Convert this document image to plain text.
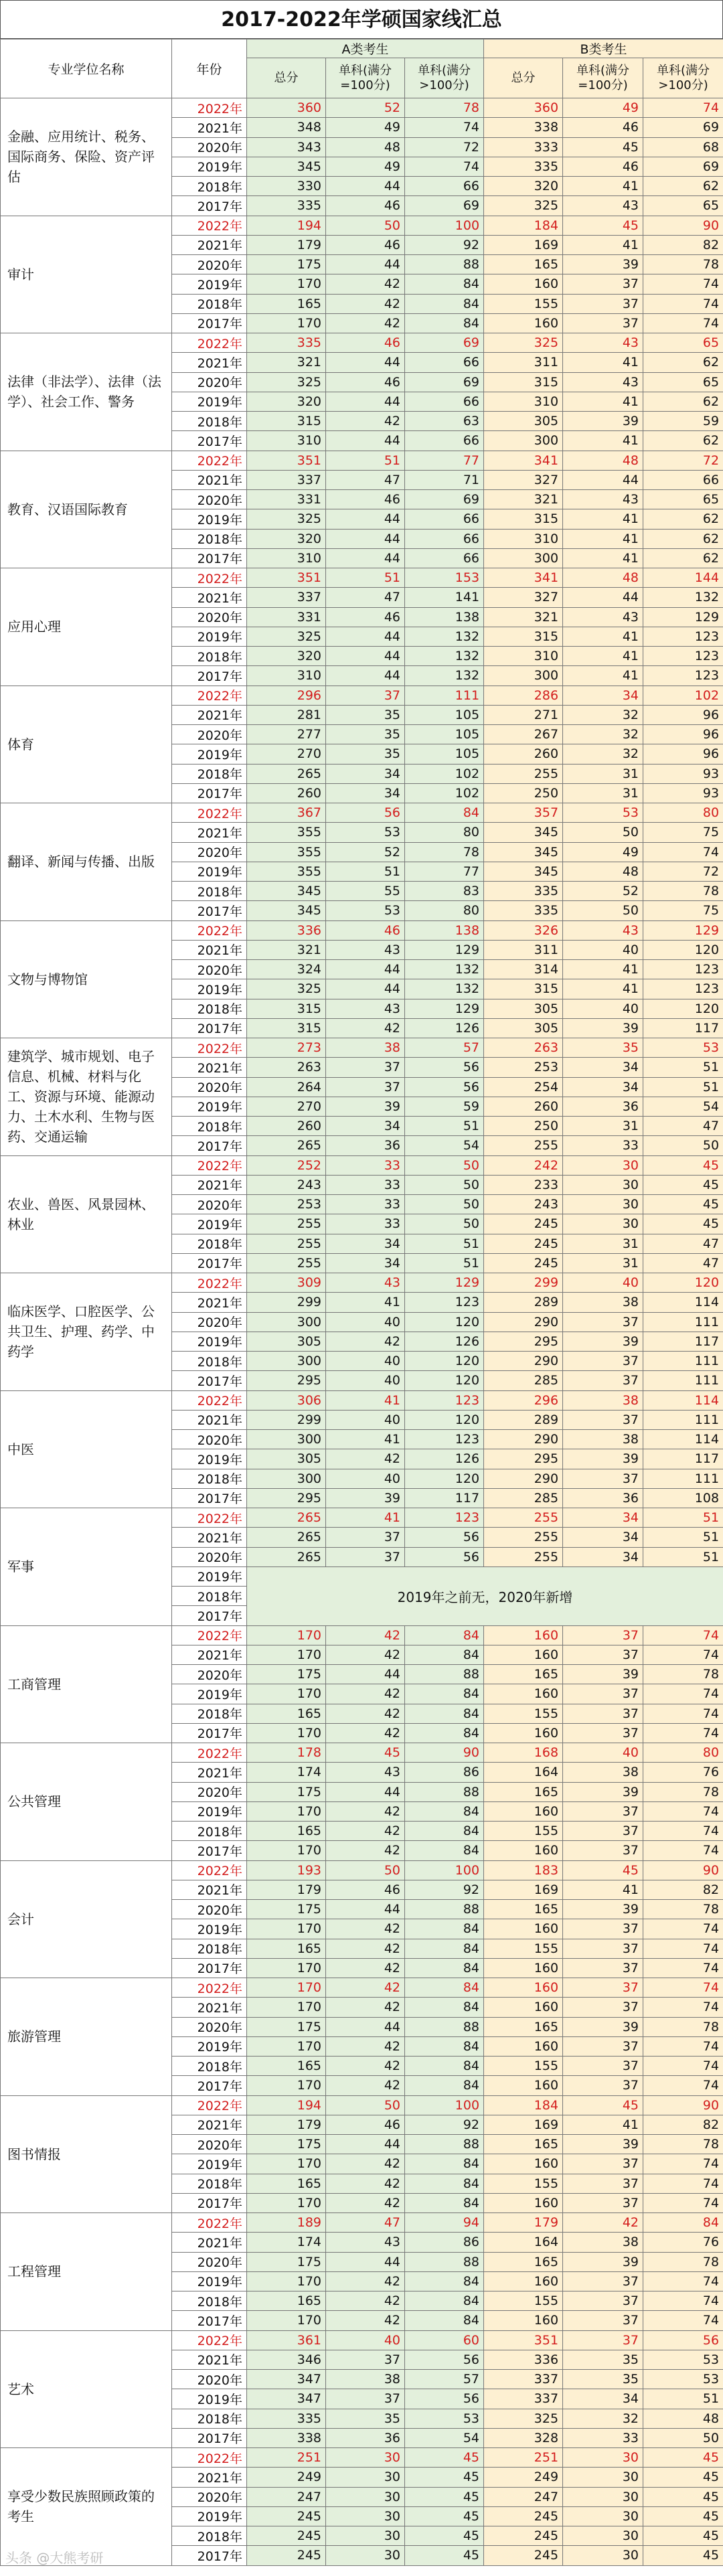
2017-2022年学硕国家线汇总
专业学位名称	年份	A类考生			B类考生		
		总分	单科(满分=100分)	单科(满分>100分)	总分	单科(满分=100分)	单科(满分>100分)
金融、应用统计、税务、国际商务、保险、资产评估	2022年	360	52	78	360	49	74
	2021年	348	49	74	338	46	69
	2020年	343	48	72	333	45	68
	2019年	345	49	74	335	46	69
	2018年	330	44	66	320	41	62
	2017年	335	46	69	325	43	65
审计	2022年	194	50	100	184	45	90
	2021年	179	46	92	169	41	82
	2020年	175	44	88	165	39	78
	2019年	170	42	84	160	37	74
	2018年	165	42	84	155	37	74
	2017年	170	42	84	160	37	74
法律（非法学）、法律（法学）、社会工作、警务	2022年	335	46	69	325	43	65
	2021年	321	44	66	311	41	62
	2020年	325	46	69	315	43	65
	2019年	320	44	66	310	41	62
	2018年	315	42	63	305	39	59
	2017年	310	44	66	300	41	62
教育、汉语国际教育	2022年	351	51	77	341	48	72
	2021年	337	47	71	327	44	66
	2020年	331	46	69	321	43	65
	2019年	325	44	66	315	41	62
	2018年	320	44	66	310	41	62
	2017年	310	44	66	300	41	62
应用心理	2022年	351	51	153	341	48	144
	2021年	337	47	141	327	44	132
	2020年	331	46	138	321	43	129
	2019年	325	44	132	315	41	123
	2018年	320	44	132	310	41	123
	2017年	310	44	132	300	41	123
体育	2022年	296	37	111	286	34	102
	2021年	281	35	105	271	32	96
	2020年	277	35	105	267	32	96
	2019年	270	35	105	260	32	96
	2018年	265	34	102	255	31	93
	2017年	260	34	102	250	31	93
翻译、新闻与传播、出版	2022年	367	56	84	357	53	80
	2021年	355	53	80	345	50	75
	2020年	355	52	78	345	49	74
	2019年	355	51	77	345	48	72
	2018年	345	55	83	335	52	78
	2017年	345	53	80	335	50	75
文物与博物馆	2022年	336	46	138	326	43	129
	2021年	321	43	129	311	40	120
	2020年	324	44	132	314	41	123
	2019年	325	44	132	315	41	123
	2018年	315	43	129	305	40	120
	2017年	315	42	126	305	39	117
建筑学、城市规划、电子信息、机械、材料与化工、资源与环境、能源动力、土木水利、生物与医药、交通运输	2022年	273	38	57	263	35	53
	2021年	263	37	56	253	34	51
	2020年	264	37	56	254	34	51
	2019年	270	39	59	260	36	54
	2018年	260	34	51	250	31	47
	2017年	265	36	54	255	33	50
农业、兽医、风景园林、林业	2022年	252	33	50	242	30	45
	2021年	243	33	50	233	30	45
	2020年	253	33	50	243	30	45
	2019年	255	33	50	245	30	45
	2018年	255	34	51	245	31	47
	2017年	255	34	51	245	31	47
临床医学、口腔医学、公共卫生、护理、药学、中药学	2022年	309	43	129	299	40	120
	2021年	299	41	123	289	38	114
	2020年	300	40	120	290	37	111
	2019年	305	42	126	295	39	117
	2018年	300	40	120	290	37	111
	2017年	295	40	120	285	37	111
中医	2022年	306	41	123	296	38	114
	2021年	299	40	120	289	37	111
	2020年	300	41	123	290	38	114
	2019年	305	42	126	295	39	117
	2018年	300	40	120	290	37	111
	2017年	295	39	117	285	36	108
军事	2022年	265	41	123	255	34	51
	2021年	265	37	56	255	34	51
	2020年	265	37	56	255	34	51
	2019年	2019年之前无，2020年新增					
	2018年						
	2017年						
工商管理	2022年	170	42	84	160	37	74
	2021年	170	42	84	160	37	74
	2020年	175	44	88	165	39	78
	2019年	170	42	84	160	37	74
	2018年	165	42	84	155	37	74
	2017年	170	42	84	160	37	74
公共管理	2022年	178	45	90	168	40	80
	2021年	174	43	86	164	38	76
	2020年	175	44	88	165	39	78
	2019年	170	42	84	160	37	74
	2018年	165	42	84	155	37	74
	2017年	170	42	84	160	37	74
会计	2022年	193	50	100	183	45	90
	2021年	179	46	92	169	41	82
	2020年	175	44	88	165	39	78
	2019年	170	42	84	160	37	74
	2018年	165	42	84	155	37	74
	2017年	170	42	84	160	37	74
旅游管理	2022年	170	42	84	160	37	74
	2021年	170	42	84	160	37	74
	2020年	175	44	88	165	39	78
	2019年	170	42	84	160	37	74
	2018年	165	42	84	155	37	74
	2017年	170	42	84	160	37	74
图书情报	2022年	194	50	100	184	45	90
	2021年	179	46	92	169	41	82
	2020年	175	44	88	165	39	78
	2019年	170	42	84	160	37	74
	2018年	165	42	84	155	37	74
	2017年	170	42	84	160	37	74
工程管理	2022年	189	47	94	179	42	84
	2021年	174	43	86	164	38	76
	2020年	175	44	88	165	39	78
	2019年	170	42	84	160	37	74
	2018年	165	42	84	155	37	74
	2017年	170	42	84	160	37	74
艺术	2022年	361	40	60	351	37	56
	2021年	346	37	56	336	35	53
	2020年	347	38	57	337	35	53
	2019年	347	37	56	337	34	51
	2018年	335	35	53	325	32	48
	2017年	338	36	54	328	33	50
享受少数民族照顾政策的考生	2022年	251	30	45	251	30	45
	2021年	249	30	45	249	30	45
	2020年	247	30	45	247	30	45
	2019年	245	30	45	245	30	45
	2018年	245	30	45	245	30	45
	2017年	245	30	45	245	30	45
头条 @大熊考研
